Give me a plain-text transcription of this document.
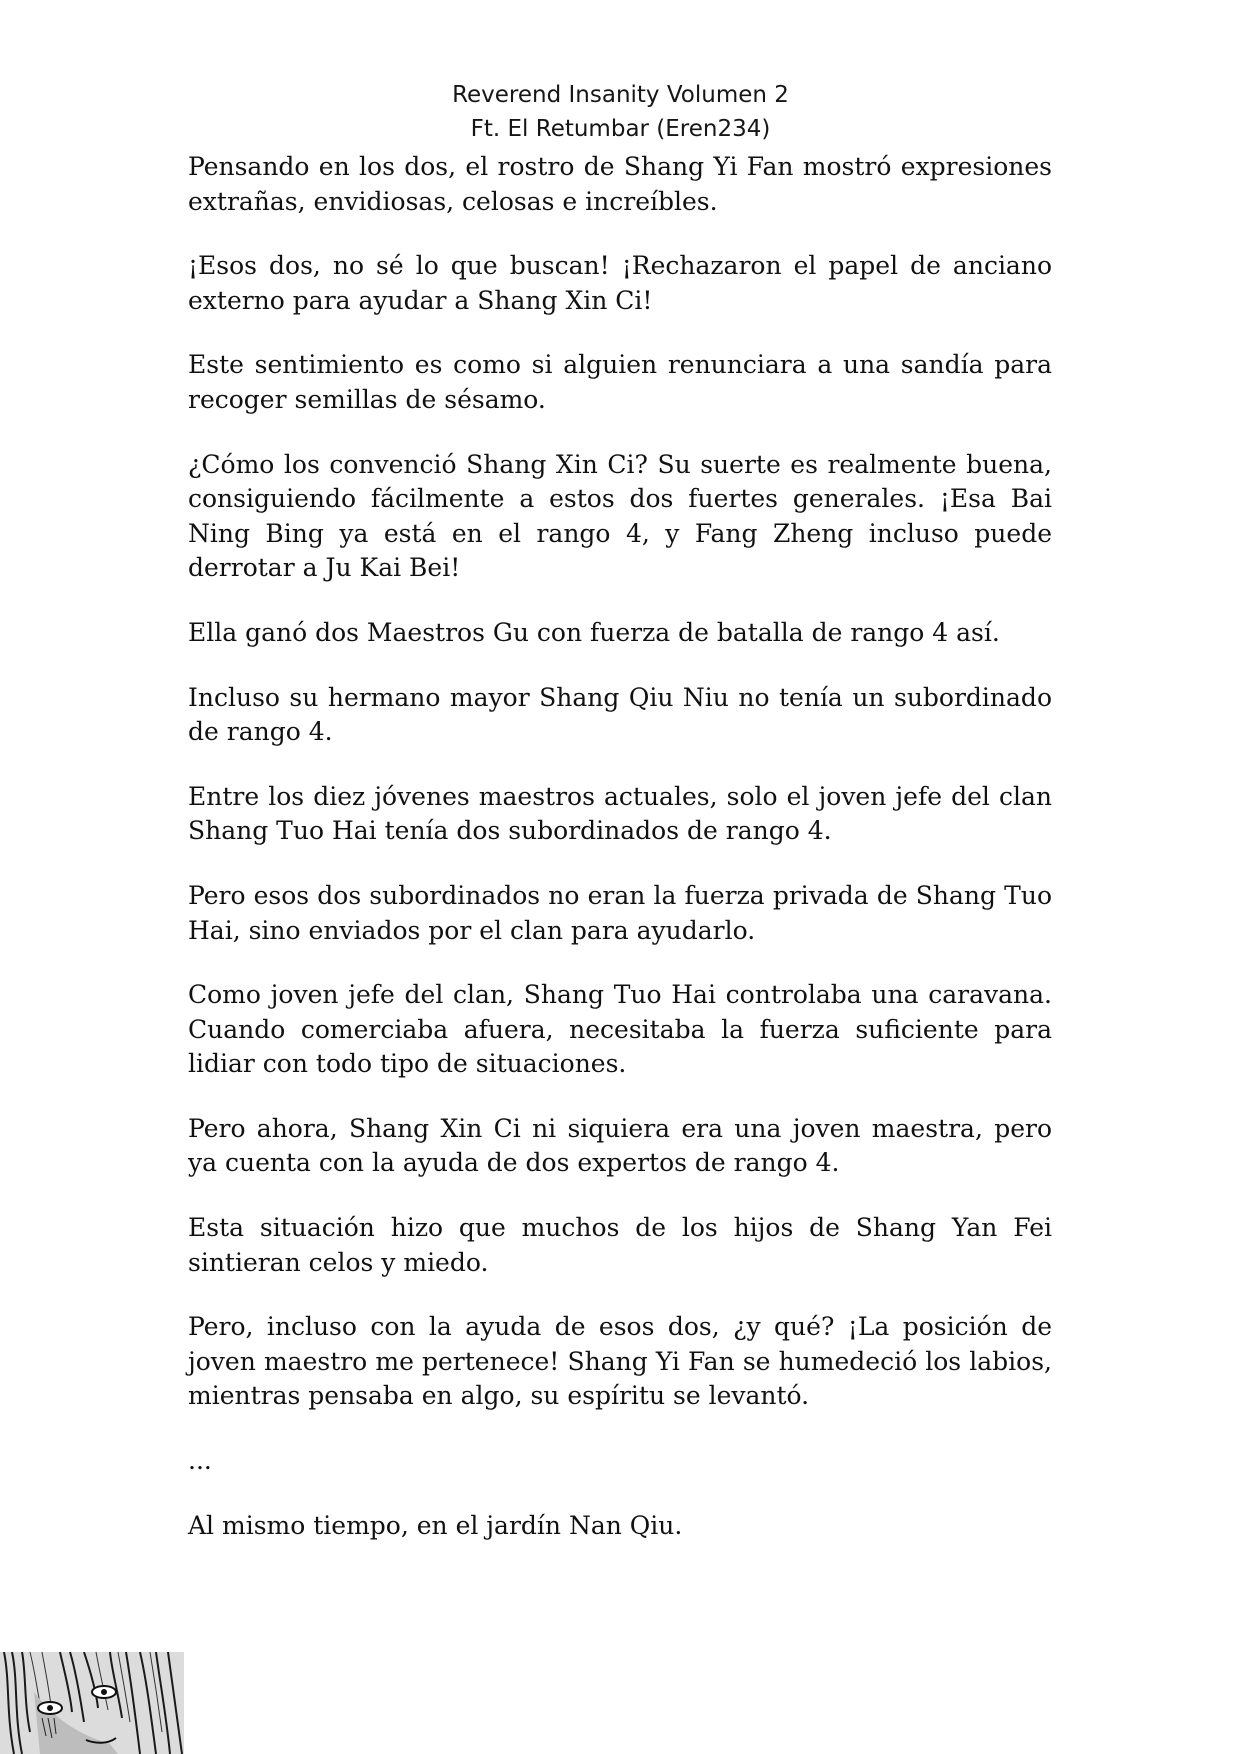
Reverend Insanity Volumen 2
Ft. El Retumbar (Eren234)

Pensando en los dos, el rostro de Shang Yi Fan mostró expresiones extrañas, envidiosas, celosas e increíbles.

¡Esos dos, no sé lo que buscan! ¡Rechazaron el papel de anciano externo para ayudar a Shang Xin Ci!

Este sentimiento es como si alguien renunciara a una sandía para recoger semillas de sésamo.

¿Cómo los convenció Shang Xin Ci? Su suerte es realmente buena, consiguiendo fácilmente a estos dos fuertes generales. ¡Esa Bai Ning Bing ya está en el rango 4, y Fang Zheng incluso puede derrotar a Ju Kai Bei!

Ella ganó dos Maestros Gu con fuerza de batalla de rango 4 así.

Incluso su hermano mayor Shang Qiu Niu no tenía un subordinado de rango 4.

Entre los diez jóvenes maestros actuales, solo el joven jefe del clan Shang Tuo Hai tenía dos subordinados de rango 4.

Pero esos dos subordinados no eran la fuerza privada de Shang Tuo Hai, sino enviados por el clan para ayudarlo.

Como joven jefe del clan, Shang Tuo Hai controlaba una caravana. Cuando comerciaba afuera, necesitaba la fuerza suficiente para lidiar con todo tipo de situaciones.

Pero ahora, Shang Xin Ci ni siquiera era una joven maestra, pero ya cuenta con la ayuda de dos expertos de rango 4.

Esta situación hizo que muchos de los hijos de Shang Yan Fei sintieran celos y miedo.

Pero, incluso con la ayuda de esos dos, ¿y qué? ¡La posición de joven maestro me pertenece! Shang Yi Fan se humedeció los labios, mientras pensaba en algo, su espíritu se levantó.

...

Al mismo tiempo, en el jardín Nan Qiu.
